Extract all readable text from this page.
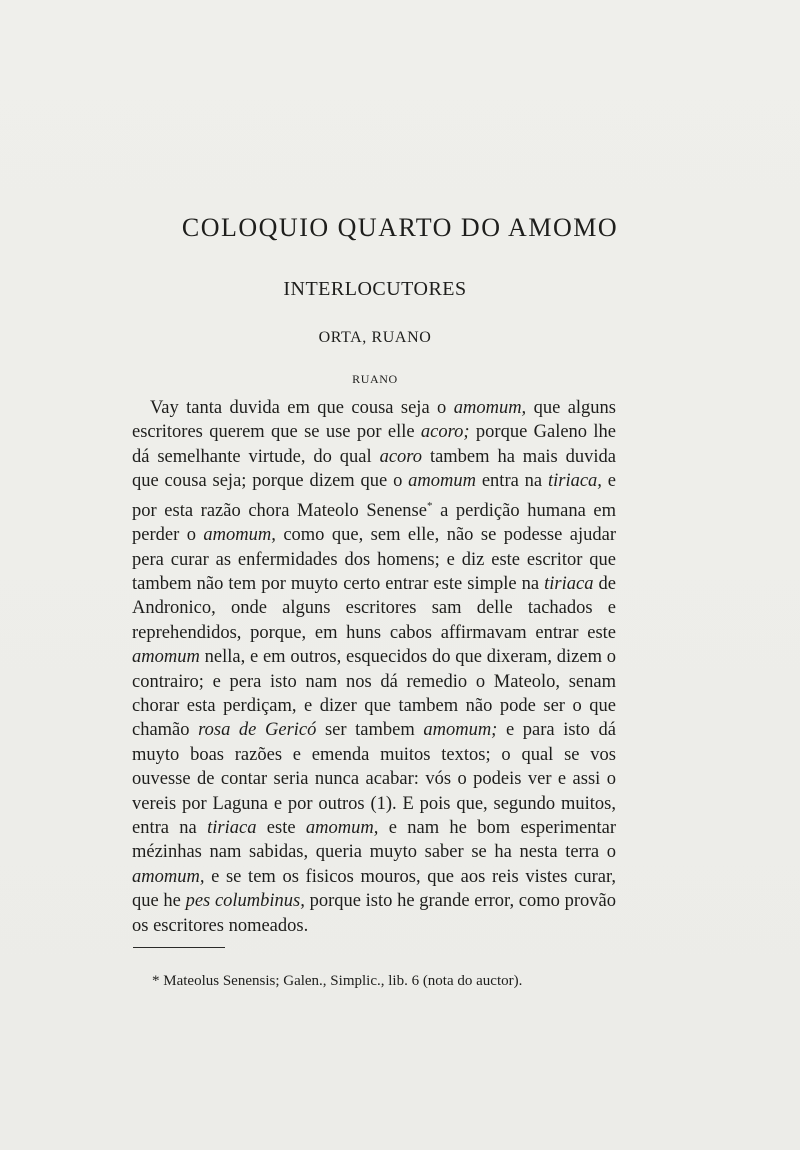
COLOQUIO QUARTO DO AMOMO
INTERLOCUTORES
ORTA, RUANO
RUANO

Vay tanta duvida em que cousa seja o amomum, que alguns escritores querem que se use por elle acoro; porque Galeno lhe dá semelhante virtude, do qual acoro tambem ha mais duvida que cousa seja; porque dizem que o amomum entra na tiriaca, e por esta razão chora Mateolo Senense* a perdição humana em perder o amomum, como que, sem elle, não se podesse ajudar pera curar as enfermidades dos homens; e diz este escritor que tambem não tem por muyto certo entrar este simple na tiriaca de Andronico, onde alguns escritores sam delle tachados e reprehendidos, porque, em huns cabos affirmavam entrar este amomum nella, e em outros, esquecidos do que dixeram, dizem o contrairo; e pera isto nam nos dá remedio o Mateolo, senam chorar esta perdiçam, e dizer que tambem não pode ser o que chamão rosa de Gericó ser tambem amomum; e para isto dá muyto boas razões e emenda muitos textos; o qual se vos ouvesse de contar seria nunca acabar: vós o podeis ver e assi o vereis por Laguna e por outros (1). E pois que, segundo muitos, entra na tiriaca este amomum, e nam he bom esperimentar mézinhas nam sabidas, queria muyto saber se ha nesta terra o amomum, e se tem os fisicos mouros, que aos reis vistes curar, que he pes columbinus, porque isto he grande error, como provão os escritores nomeados.

* Mateolus Senensis; Galen., Simplic., lib. 6 (nota do auctor).
